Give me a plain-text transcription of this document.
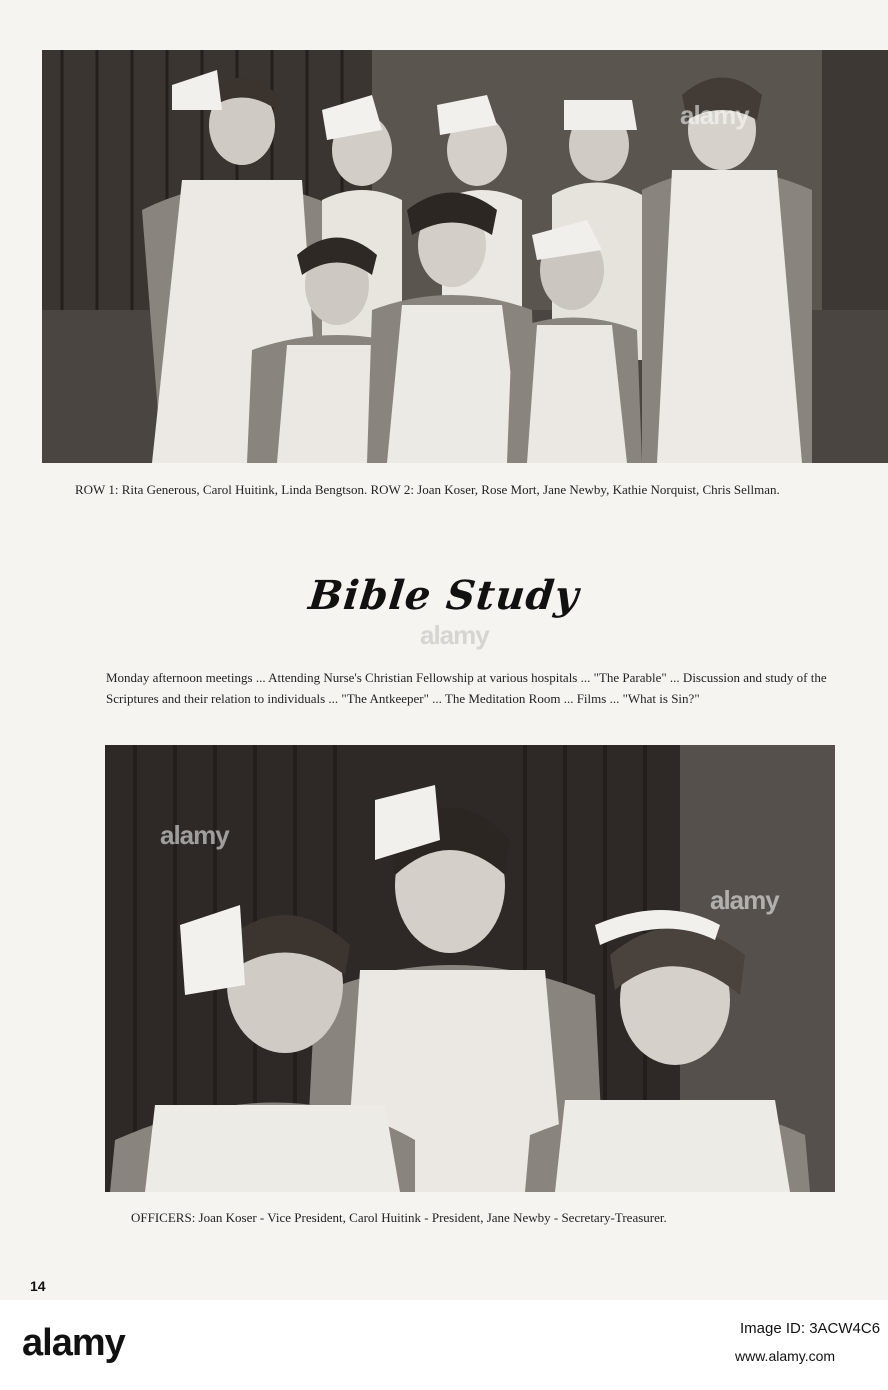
alamy
ROW 1: Rita Generous, Carol Huitink, Linda Bengtson. ROW 2: Joan Koser, Rose Mort, Jane Newby, Kathie Norquist, Chris Sellman.
Bible Study
Monday afternoon meetings ... Attending Nurse's Christian Fellowship at various hospitals ... "The Parable" ... Discussion and study of the Scriptures and their relation to individuals ... "The Antkeeper" ... The Meditation Room ... Films ... "What is Sin?"
alamy
alamy
alamy
OFFICERS: Joan Koser - Vice President, Carol Huitink - President, Jane Newby - Secretary-Treasurer.
14
alamy	Image ID: 3ACW4C6
www.alamy.com
